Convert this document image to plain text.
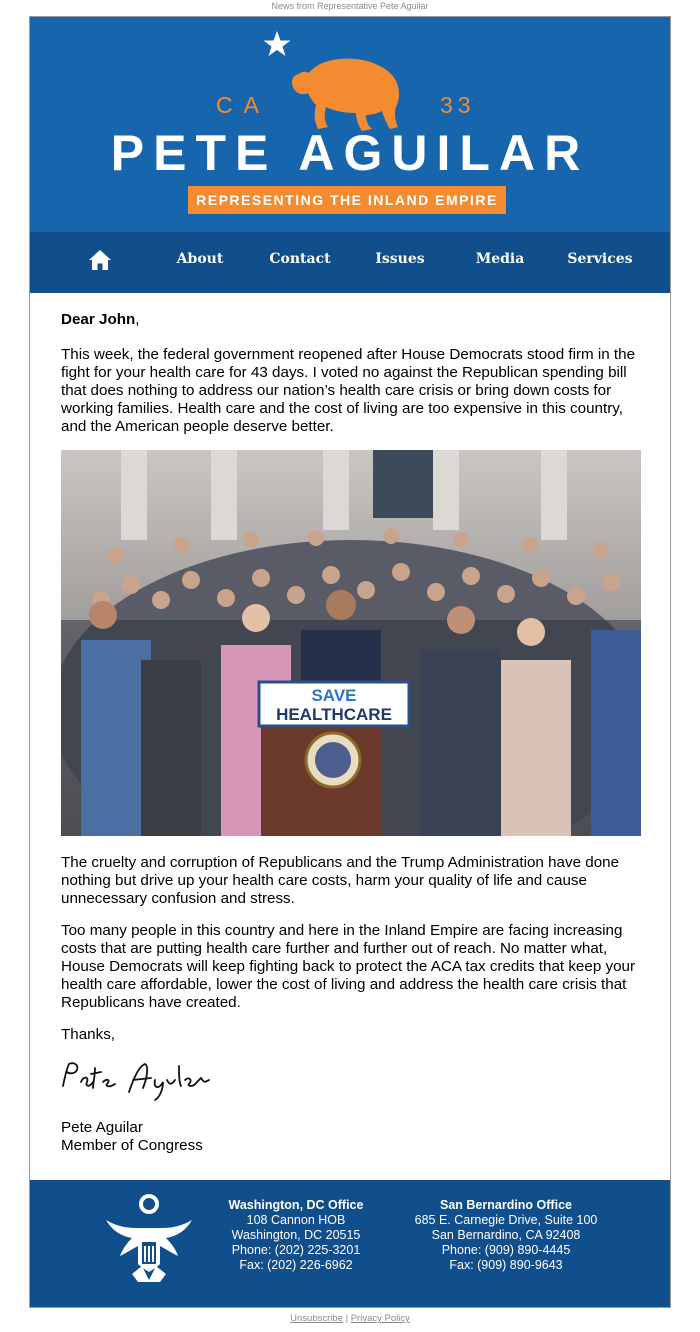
News from Representative Pete Aguilar
CA	33
PETE AGUILAR
REPRESENTING THE INLAND EMPIRE
About	Contact	Issues	Media	Services

Dear John,

This week, the federal government reopened after House Democrats stood firm in the fight for your health care for 43 days. I voted no against the Republican spending bill that does nothing to address our nation’s health care crisis or bring down costs for working families. Health care and the cost of living are too expensive in this country, and the American people deserve better.

SAVE
HEALTHCARE

The cruelty and corruption of Republicans and the Trump Administration have done nothing but drive up your health care costs, harm your quality of life and cause unnecessary confusion and stress.

Too many people in this country and here in the Inland Empire are facing increasing costs that are putting health care further and further out of reach. No matter what, House Democrats will keep fighting back to protect the ACA tax credits that keep your health care affordable, lower the cost of living and address the health care crisis that Republicans have created.

Thanks,

Pete Aguilar
Member of Congress

Washington, DC Office
108 Cannon HOB
Washington, DC 20515
Phone: (202) 225-3201
Fax: (202) 226-6962
San Bernardino Office
685 E. Carnegie Drive, Suite 100
San Bernardino, CA 92408
Phone: (909) 890-4445
Fax: (909) 890-9643
Unsubscribe | Privacy Policy
